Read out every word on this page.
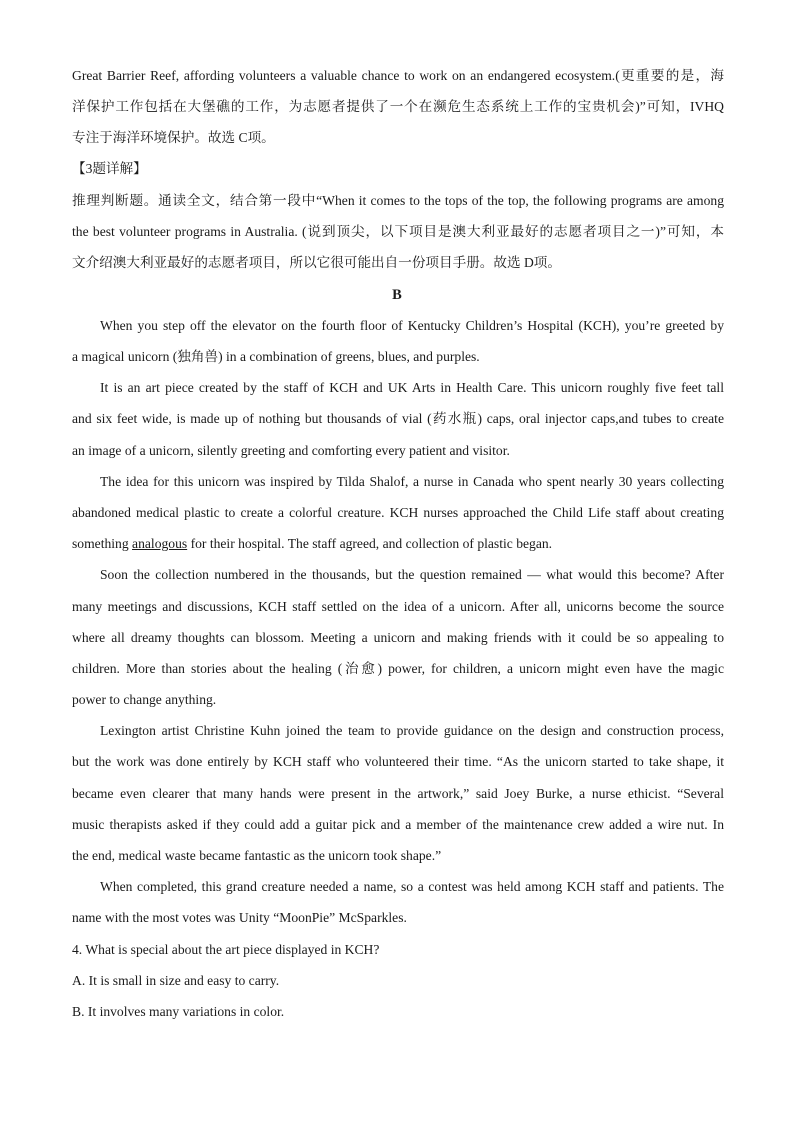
Great Barrier Reef, affording volunteers a valuable chance to work on an endangered ecosystem.(更重要的是，海
洋保护工作包括在大堡礁的工作，为志愿者提供了一个在濒危生态系统上工作的宝贵机会)”可知，IVHQ
专注于海洋环境保护。故选 C项。
【3题详解】
推理判断题。通读全文，结合第一段中“When it comes to the tops of the top, the following programs are among
the best volunteer programs in Australia. (说到顶尖，以下项目是澳大利亚最好的志愿者项目之一)”可知，本
文介绍澳大利亚最好的志愿者项目，所以它很可能出自一份项目手册。故选 D项。
B
When you step off the elevator on the fourth floor of Kentucky Children’s Hospital (KCH), you’re greeted by
a magical unicorn (独角兽) in a combination of greens, blues, and purples.
It is an art piece created by the staff of KCH and UK Arts in Health Care. This unicorn roughly five feet tall
and six feet wide, is made up of nothing but thousands of vial (药水瓶) caps, oral injector caps,and tubes to create
an image of a unicorn, silently greeting and comforting every patient and visitor.
The idea for this unicorn was inspired by Tilda Shalof, a nurse in Canada who spent nearly 30 years collecting
abandoned medical plastic to create a colorful creature. KCH nurses approached the Child Life staff about creating
something analogous for their hospital. The staff agreed, and collection of plastic began.
Soon the collection numbered in the thousands, but the question remained — what would this become? After
many meetings and discussions, KCH staff settled on the idea of a unicorn. After all, unicorns become the source
where all dreamy thoughts can blossom. Meeting a unicorn and making friends with it could be so appealing to
children. More than stories about the healing (治愈) power, for children, a unicorn might even have the magic
power to change anything.
Lexington artist Christine Kuhn joined the team to provide guidance on the design and construction process,
but the work was done entirely by KCH staff who volunteered their time. “As the unicorn started to take shape, it
became even clearer that many hands were present in the artwork,” said Joey Burke, a nurse ethicist. “Several
music therapists asked if they could add a guitar pick and a member of the maintenance crew added a wire nut. In
the end, medical waste became fantastic as the unicorn took shape.”
When completed, this grand creature needed a name, so a contest was held among KCH staff and patients. The
name with the most votes was Unity “MoonPie” McSparkles.
4. What is special about the art piece displayed in KCH?
A. It is small in size and easy to carry.
B. It involves many variations in color.
